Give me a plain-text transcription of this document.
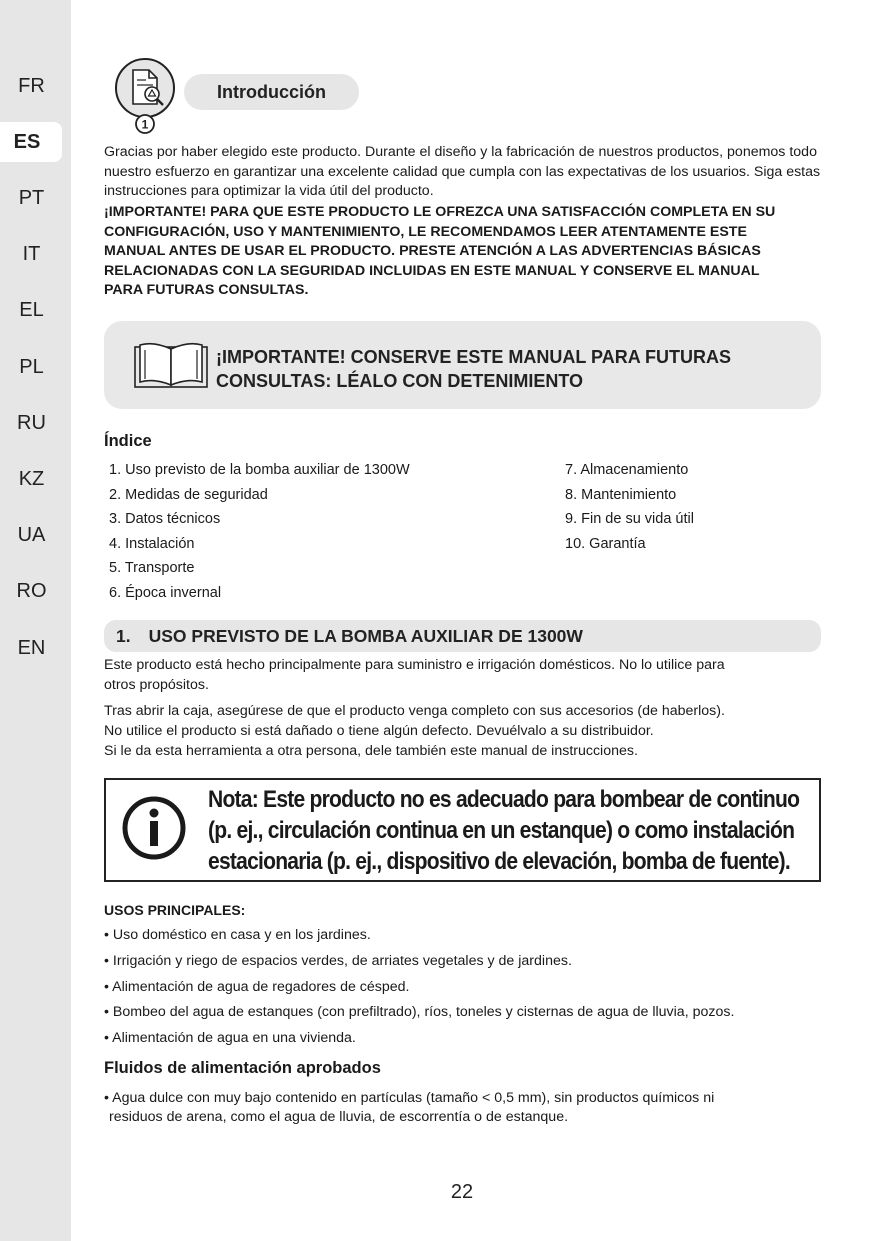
FR
ES
PT
IT
EL
PL
RU
KZ
UA
RO
EN
1
Introducción
Gracias por haber elegido este producto. Durante el diseño y la fabricación de nuestros productos, ponemos todo nuestro esfuerzo en garantizar una excelente calidad que cumpla con las expectativas de los usuarios. Siga estas instrucciones para optimizar la vida útil del producto.
¡IMPORTANTE! PARA QUE ESTE PRODUCTO LE OFREZCA UNA SATISFACCIÓN COMPLETA EN SU
CONFIGURACIÓN, USO Y MANTENIMIENTO, LE RECOMENDAMOS LEER ATENTAMENTE ESTE
MANUAL ANTES DE USAR EL PRODUCTO. PRESTE ATENCIÓN A LAS ADVERTENCIAS BÁSICAS
RELACIONADAS CON LA SEGURIDAD INCLUIDAS EN ESTE MANUAL Y CONSERVE EL MANUAL
PARA FUTURAS CONSULTAS.
¡IMPORTANTE! CONSERVE ESTE MANUAL PARA FUTURAS
CONSULTAS: LÉALO CON DETENIMIENTO
Índice
1. Uso previsto de la bomba auxiliar de 1300W
2. Medidas de seguridad
3. Datos técnicos
4. Instalación
5. Transporte
6. Época invernal
7. Almacenamiento
8. Mantenimiento
9. Fin de su vida útil
10. Garantía
1. USO PREVISTO DE LA BOMBA AUXILIAR DE 1300W
Este producto está hecho principalmente para suministro e irrigación domésticos. No lo utilice para
otros propósitos.
Tras abrir la caja, asegúrese de que el producto venga completo con sus accesorios (de haberlos).
No utilice el producto si está dañado o tiene algún defecto. Devuélvalo a su distribuidor.
Si le da esta herramienta a otra persona, dele también este manual de instrucciones.
Nota: Este producto no es adecuado para bombear de continuo
(p. ej., circulación continua en un estanque) o como instalación
estacionaria (p. ej., dispositivo de elevación, bomba de fuente).
USOS PRINCIPALES:
• Uso doméstico en casa y en los jardines.
• Irrigación y riego de espacios verdes, de arriates vegetales y de jardines.
• Alimentación de agua de regadores de césped.
• Bombeo del agua de estanques (con prefiltrado), ríos, toneles y cisternas de agua de lluvia, pozos.
• Alimentación de agua en una vivienda.
Fluidos de alimentación aprobados
• Agua dulce con muy bajo contenido en partículas (tamaño < 0,5 mm), sin productos químicos ni
residuos de arena, como el agua de lluvia, de escorrentía o de estanque.
22
